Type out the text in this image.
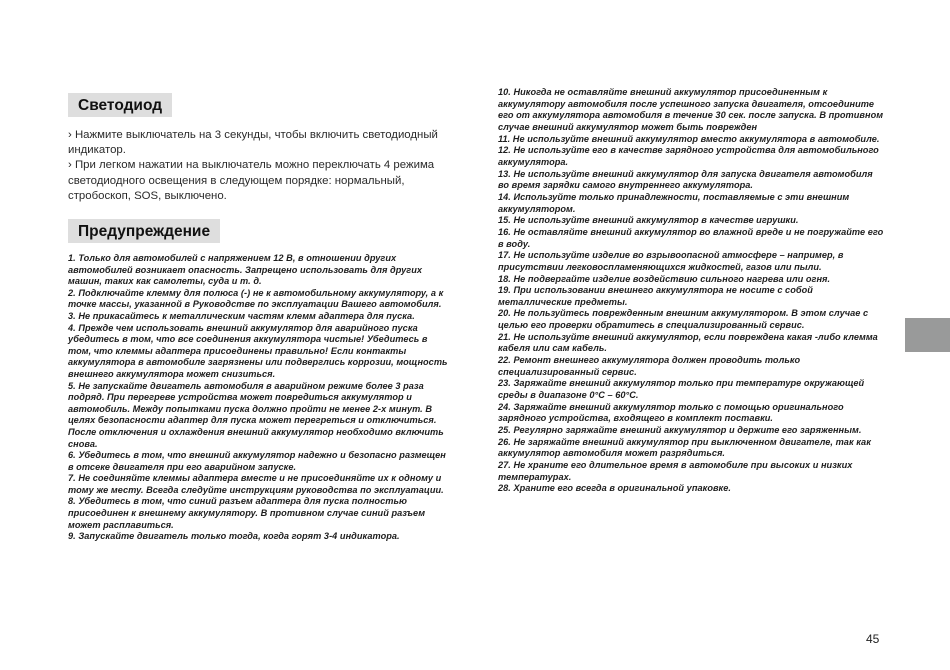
Светодиод

› Нажмите выключатель на 3 секунды, чтобы включить светодиодный индикатор.

› При легком нажатии на выключатель можно переключать 4 режима светодиодного освещения в следующем порядке: нормальный, стробоскоп, SOS, выключено.

Предупреждение

1. Только для автомобилей с напряжением 12 В, в отношении других автомобилей возникает опасность. Запрещено использовать для других машин, таких как самолеты, суда и т. д.

2. Подключайте клемму для полюса (-) не к автомобильному аккумулятору, а к точке массы, указанной в Руководстве по эксплуатации Вашего автомобиля.

3. Не прикасайтесь к металлическим частям клемм адаптера для пуска.

4. Прежде чем использовать внешний аккумулятор для аварийного пуска убедитесь в том, что все соединения аккумулятора чистые! Убедитесь в том, что клеммы адаптера присоединены правильно! Если контакты аккумулятора в автомобиле загрязнены или подверглись коррозии, мощность внешнего аккумулятора может снизиться.

5. Не запускайте двигатель автомобиля в аварийном режиме более 3 раза подряд. При перегреве устройства может повредиться аккумулятор и автомобиль. Между попытками пуска должно пройти не менее 2-х минут. В целях безопасности адаптер для пуска может перегреться и отключиться. После отключения и охлаждения внешний аккумулятор необходимо включить снова.

6. Убедитесь в том, что внешний аккумулятор надежно и безопасно размещен в отсеке двигателя при его аварийном запуске.

7. Не соединяйте клеммы адаптера вместе и не присоединяйте их к одному и тому же месту. Всегда следуйте инструкциям руководства по эксплуатации.

8. Убедитесь в том, что синий разъем адаптера для пуска полностью присоединен к внешнему аккумулятору. В противном случае синий разъем может расплавиться.

9. Запускайте двигатель только тогда, когда горят 3-4 индикатора.

10. Никогда не оставляйте внешний аккумулятор присоединенным к аккумулятору автомобиля после успешного запуска двигателя, отсоедините его от аккумулятора автомобиля в течение 30 сек. после запуска. В противном случае внешний аккумулятор может быть поврежден

11. Не используйте внешний аккумулятор вместо аккумулятора в автомобиле.

12. Не используйте его в качестве зарядного устройства для автомобильного аккумулятора.

13. Не используйте внешний аккумулятор для запуска двигателя автомобиля во время зарядки самого внутреннего аккумулятора.

14. Используйте только принадлежности, поставляемые с эти внешним аккумулятором.

15. Не используйте внешний аккумулятор в качестве игрушки.

16. Не оставляйте внешний аккумулятор во влажной вреде и не погружайте его в воду.

17. Не используйте изделие во взрывоопасной атмосфере – например, в присутствии легковоспламеняющихся жидкостей, газов или пыли.

18. Не подвергайте изделие воздействию сильного нагрева или огня.

19. При использовании внешнего аккумулятора не носите с собой металлические предметы.

20. Не пользуйтесь поврежденным внешним аккумулятором. В этом случае с целью его проверки обратитесь в специализированный сервис.

21. Не используйте внешний аккумулятор, если повреждена какая -либо клемма кабеля или сам кабель.

22. Ремонт внешнего аккумулятора должен проводить только специализированный сервис.

23. Заряжайте внешний аккумулятор только при температуре окружающей среды в диапазоне 0°C – 60°C.

24. Заряжайте внешний аккумулятор только с помощью оригинального зарядного устройства, входящего в комплект поставки.

25. Регулярно заряжайте внешний аккумулятор и держите его заряженным.

26. Не заряжайте внешний аккумулятор при выключенном двигателе, так как аккумулятор автомобиля может разрядиться.

27. Не храните его длительное время в автомобиле при высоких и низких температурах.

28. Храните его всегда в оригинальной упаковке.

45
